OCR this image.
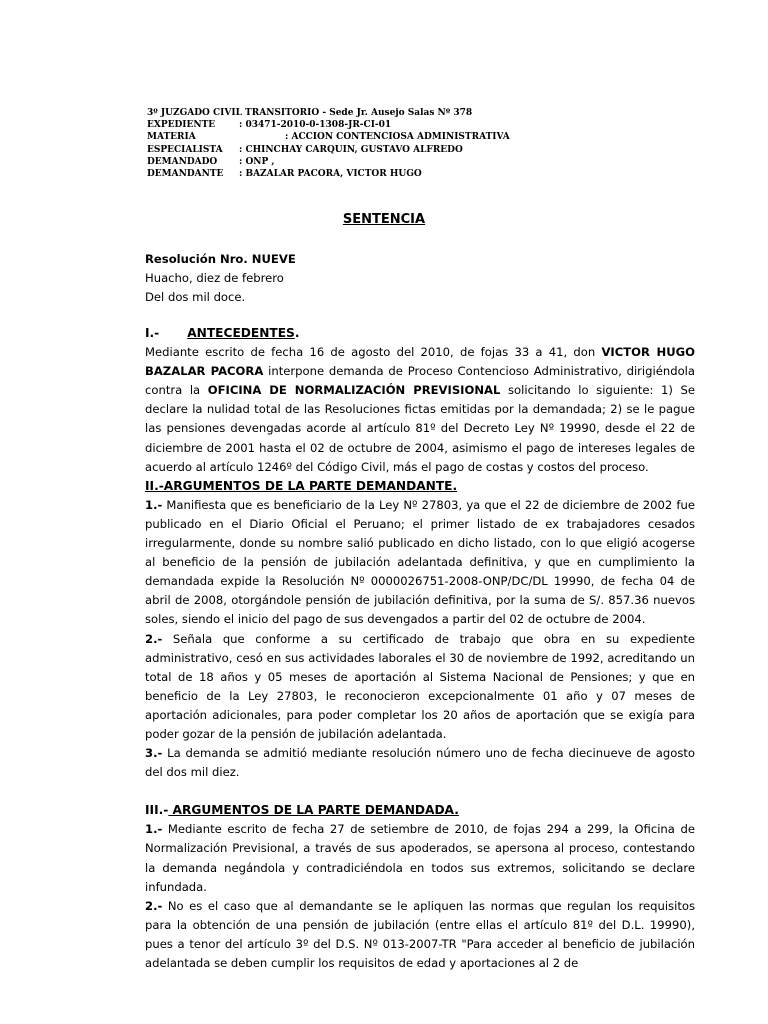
3º JUZGADO CIVIL TRANSITORIO - Sede Jr. Ausejo Salas Nº 378
EXPEDIENTE	: 03471-2010-0-1308-JR-CI-01
MATERIA	: ACCION CONTENCIOSA ADMINISTRATIVA
ESPECIALISTA	: CHINCHAY CARQUIN, GUSTAVO ALFREDO
DEMANDADO	: ONP ,
DEMANDANTE	: BAZALAR PACORA, VICTOR HUGO
SENTENCIA
Resolución Nro. NUEVE
Huacho, diez de febrero
Del dos mil doce.
I.- ANTECEDENTES.

Mediante escrito de fecha 16 de agosto del 2010, de fojas 33 a 41, don VICTOR HUGO BAZALAR PACORA interpone demanda de Proceso Contencioso Administrativo, dirigiéndola contra la OFICINA DE NORMALIZACIÓN PREVISIONAL solicitando lo siguiente: 1) Se declare la nulidad total de las Resoluciones fictas emitidas por la demandada; 2) se le pague las pensiones devengadas acorde al artículo 81º del Decreto Ley Nº 19990, desde el 22 de diciembre de 2001 hasta el 02 de octubre de 2004, asimismo el pago de intereses legales de acuerdo al artículo 1246º del Código Civil, más el pago de costas y costos del proceso.

II.-ARGUMENTOS DE LA PARTE DEMANDANTE.

1.- Manifiesta que es beneficiario de la Ley Nº 27803, ya que el 22 de diciembre de 2002 fue publicado en el Diario Oficial el Peruano; el primer listado de ex trabajadores cesados irregularmente, donde su nombre salió publicado en dicho listado, con lo que eligió acogerse al beneficio de la pensión de jubilación adelantada definitiva, y que en cumplimiento la demandada expide la Resolución Nº 0000026751-2008-ONP/DC/DL 19990, de fecha 04 de abril de 2008, otorgándole pensión de jubilación definitiva, por la suma de S/. 857.36 nuevos soles, siendo el inicio del pago de sus devengados a partir del 02 de octubre de 2004.

2.- Señala que conforme a su certificado de trabajo que obra en su expediente administrativo, cesó en sus actividades laborales el 30 de noviembre de 1992, acreditando un total de 18 años y 05 meses de aportación al Sistema Nacional de Pensiones; y que en beneficio de la Ley 27803, le reconocieron excepcionalmente 01 año y 07 meses de aportación adicionales, para poder completar los 20 años de aportación que se exigía para poder gozar de la pensión de jubilación adelantada.

3.- La demanda se admitió mediante resolución número uno de fecha diecinueve de agosto del dos mil diez.

III.- ARGUMENTOS DE LA PARTE DEMANDADA.

1.- Mediante escrito de fecha 27 de setiembre de 2010, de fojas 294 a 299, la Oficina de Normalización Previsional, a través de sus apoderados, se apersona al proceso, contestando la demanda negándola y contradiciéndola en todos sus extremos, solicitando se declare infundada.

2.- No es el caso que al demandante se le apliquen las normas que regulan los requisitos para la obtención de una pensión de jubilación (entre ellas el artículo 81º del D.L. 19990), pues a tenor del artículo 3º del D.S. Nº 013-2007-TR "Para acceder al beneficio de jubilación adelantada se deben cumplir los requisitos de edad y aportaciones al 2 de
